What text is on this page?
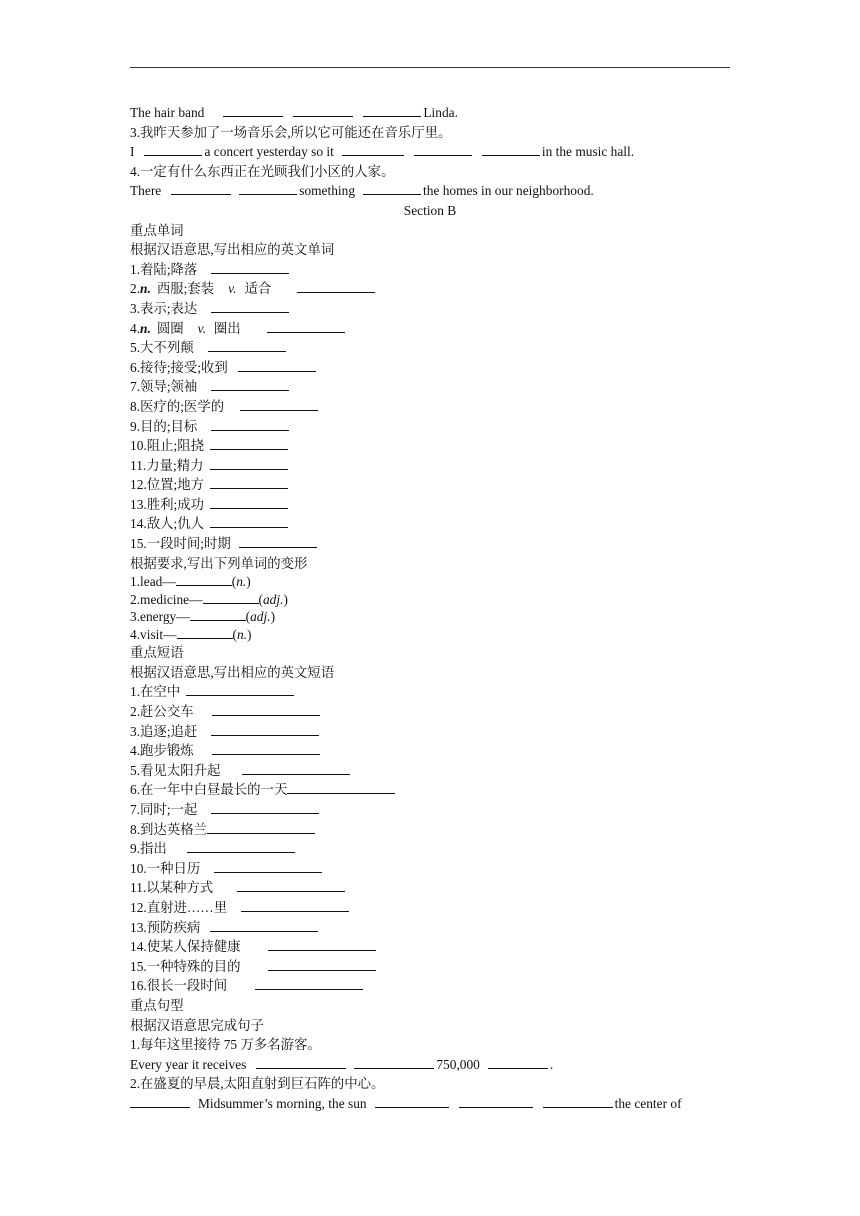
The hair band	Linda.
3.我昨天参加了一场音乐会,所以它可能还在音乐厅里。
I	a concert yesterday so it	in the music hall.
4.一定有什么东西正在光顾我们小区的人家。
There	something	the homes in our neighborhood.
Section B
重点单词
根据汉语意思,写出相应的英文单词
1.着陆;降落
2.n. 西服;套装 v. 适合
3.表示;表达
4.n. 圆圈 v. 圈出
5.大不列颠
6.接待;接受;收到
7.领导;领袖
8.医疗的;医学的
9.目的;目标
10.阻止;阻挠
11.力量;精力
12.位置;地方
13.胜利;成功
14.敌人;仇人
15.一段时间;时期
根据要求,写出下列单词的变形
1.lead—	(n.)
2.medicine—	(adj.)
3.energy—	(adj.)
4.visit—	(n.)
重点短语
根据汉语意思,写出相应的英文短语
1.在空中
2.赶公交车
3.追逐;追赶
4.跑步锻炼
5.看见太阳升起
6.在一年中白昼最长的一天
7.同时;一起
8.到达英格兰
9.指出
10.一种日历
11.以某种方式
12.直射进……里
13.预防疾病
14.使某人保持健康
15.一种特殊的目的
16.很长一段时间
重点句型
根据汉语意思完成句子
1.每年这里接待 75 万多名游客。
Every year it receives	750,000	.
2.在盛夏的早晨,太阳直射到巨石阵的中心。
Midsummer’s morning, the sun	the center of
